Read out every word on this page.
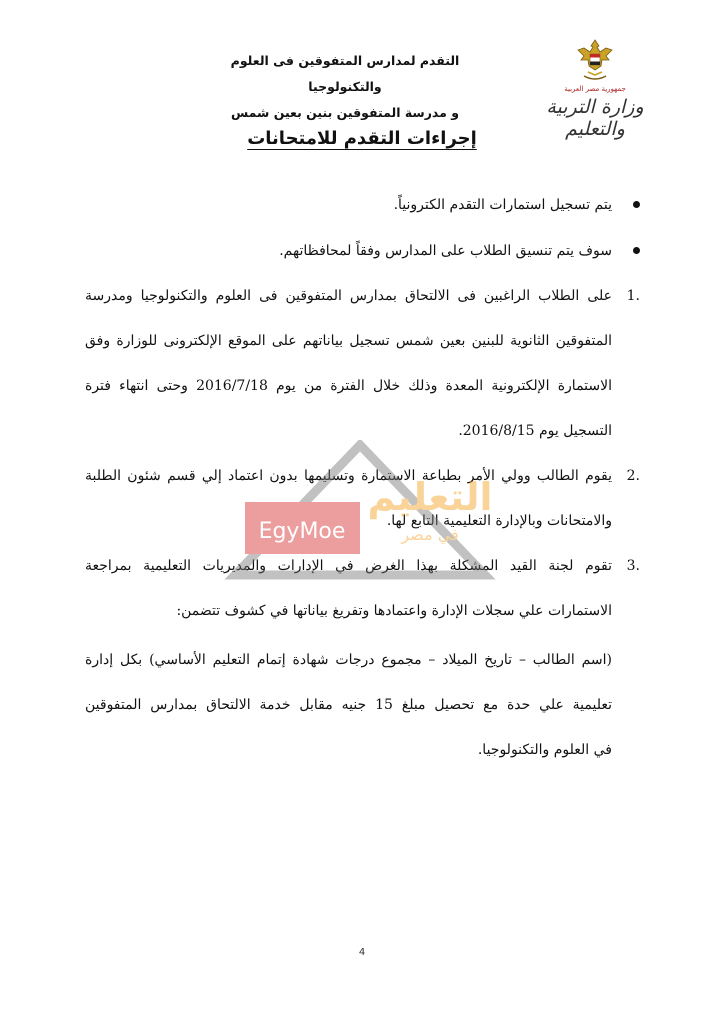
التقدم لمدارس المتفوقين فى العلوم والتكنولوجيا
و مدرسة المتفوقين بنين بعين شمس
جمهورية مصر العربية
وزارة التربية والتعليم
إجراءات التقدم للامتحانات
يتم تسجيل استمارات التقدم الكترونياً.
سوف يتم تنسيق الطلاب على المدارس وفقاً لمحافظاتهم.
.1
على الطلاب الراغبين فى الالتحاق بمدارس المتفوقين فى العلوم والتكنولوجيا ومدرسة
المتفوقين الثانوية للبنين بعين شمس تسجيل بياناتهم على الموقع الإلكترونى للوزارة وفق
الاستمارة الإلكترونية المعدة وذلك خلال الفترة من يوم 2016/7/18 وحتى انتهاء فترة
التسجيل يوم 2016/8/15.
.2
يقوم الطالب وولي الأمر بطباعة الاستمارة وتسليمها بدون اعتماد إلي قسم شئون الطلبة
والامتحانات وبالإدارة التعليمية التابع لها.
.3
تقوم لجنة القيد المشكلة بهذا الغرض في الإدارات والمديريات التعليمية بمراجعة
الاستمارات علي سجلات الإدارة واعتمادها وتفريغ بياناتها في كشوف تتضمن:
(اسم الطالب – تاريخ الميلاد – مجموع درجات شهادة إتمام التعليم الأساسي) بكل إدارة
تعليمية علي حدة مع تحصيل مبلغ 15 جنيه مقابل خدمة الالتحاق بمدارس المتفوقين
في العلوم والتكنولوجيا.
EgyMoe
التعليم
في مصر
4
